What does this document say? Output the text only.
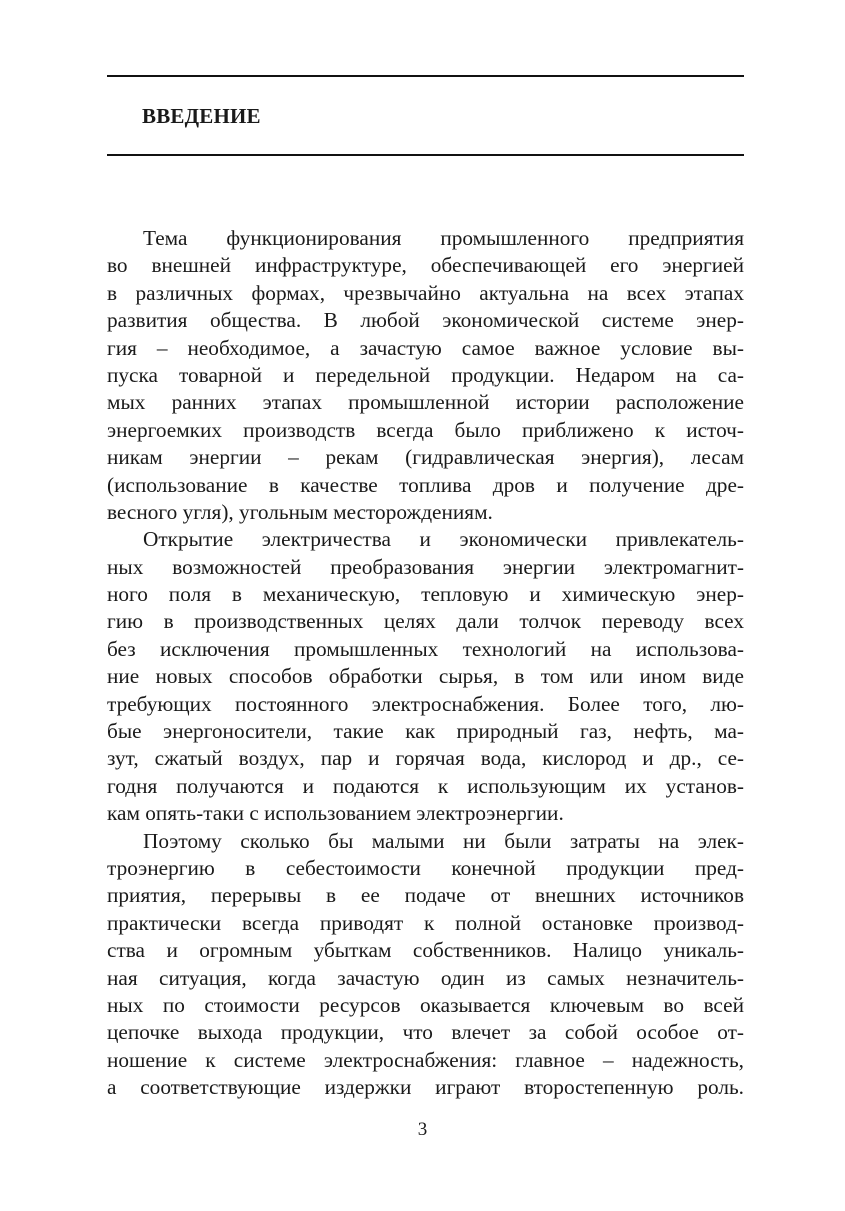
ВВЕДЕНИЕ
Тема функционирования промышленного предприятия
во внешней инфраструктуре, обеспечивающей его энергией
в различных формах, чрезвычайно актуальна на всех этапах
развития общества. В любой экономической системе энер-
гия – необходимое, а зачастую самое важное условие вы-
пуска товарной и передельной продукции. Недаром на са-
мых ранних этапах промышленной истории расположение
энергоемких производств всегда было приближено к источ-
никам энергии – рекам (гидравлическая энергия), лесам
(использование в качестве топлива дров и получение дре-
весного угля), угольным месторождениям.
Открытие электричества и экономически привлекатель-
ных возможностей преобразования энергии электромагнит-
ного поля в механическую, тепловую и химическую энер-
гию в производственных целях дали толчок переводу всех
без исключения промышленных технологий на использова-
ние новых способов обработки сырья, в том или ином виде
требующих постоянного электроснабжения. Более того, лю-
бые энергоносители, такие как природный газ, нефть, ма-
зут, сжатый воздух, пар и горячая вода, кислород и др., се-
годня получаются и подаются к использующим их установ-
кам опять-таки с использованием электроэнергии.
Поэтому сколько бы малыми ни были затраты на элек-
троэнергию в себестоимости конечной продукции пред-
приятия, перерывы в ее подаче от внешних источников
практически всегда приводят к полной остановке производ-
ства и огромным убыткам собственников. Налицо уникаль-
ная ситуация, когда зачастую один из самых незначитель-
ных по стоимости ресурсов оказывается ключевым во всей
цепочке выхода продукции, что влечет за собой особое от-
ношение к системе электроснабжения: главное – надежность,
а соответствующие издержки играют второстепенную роль.
3
